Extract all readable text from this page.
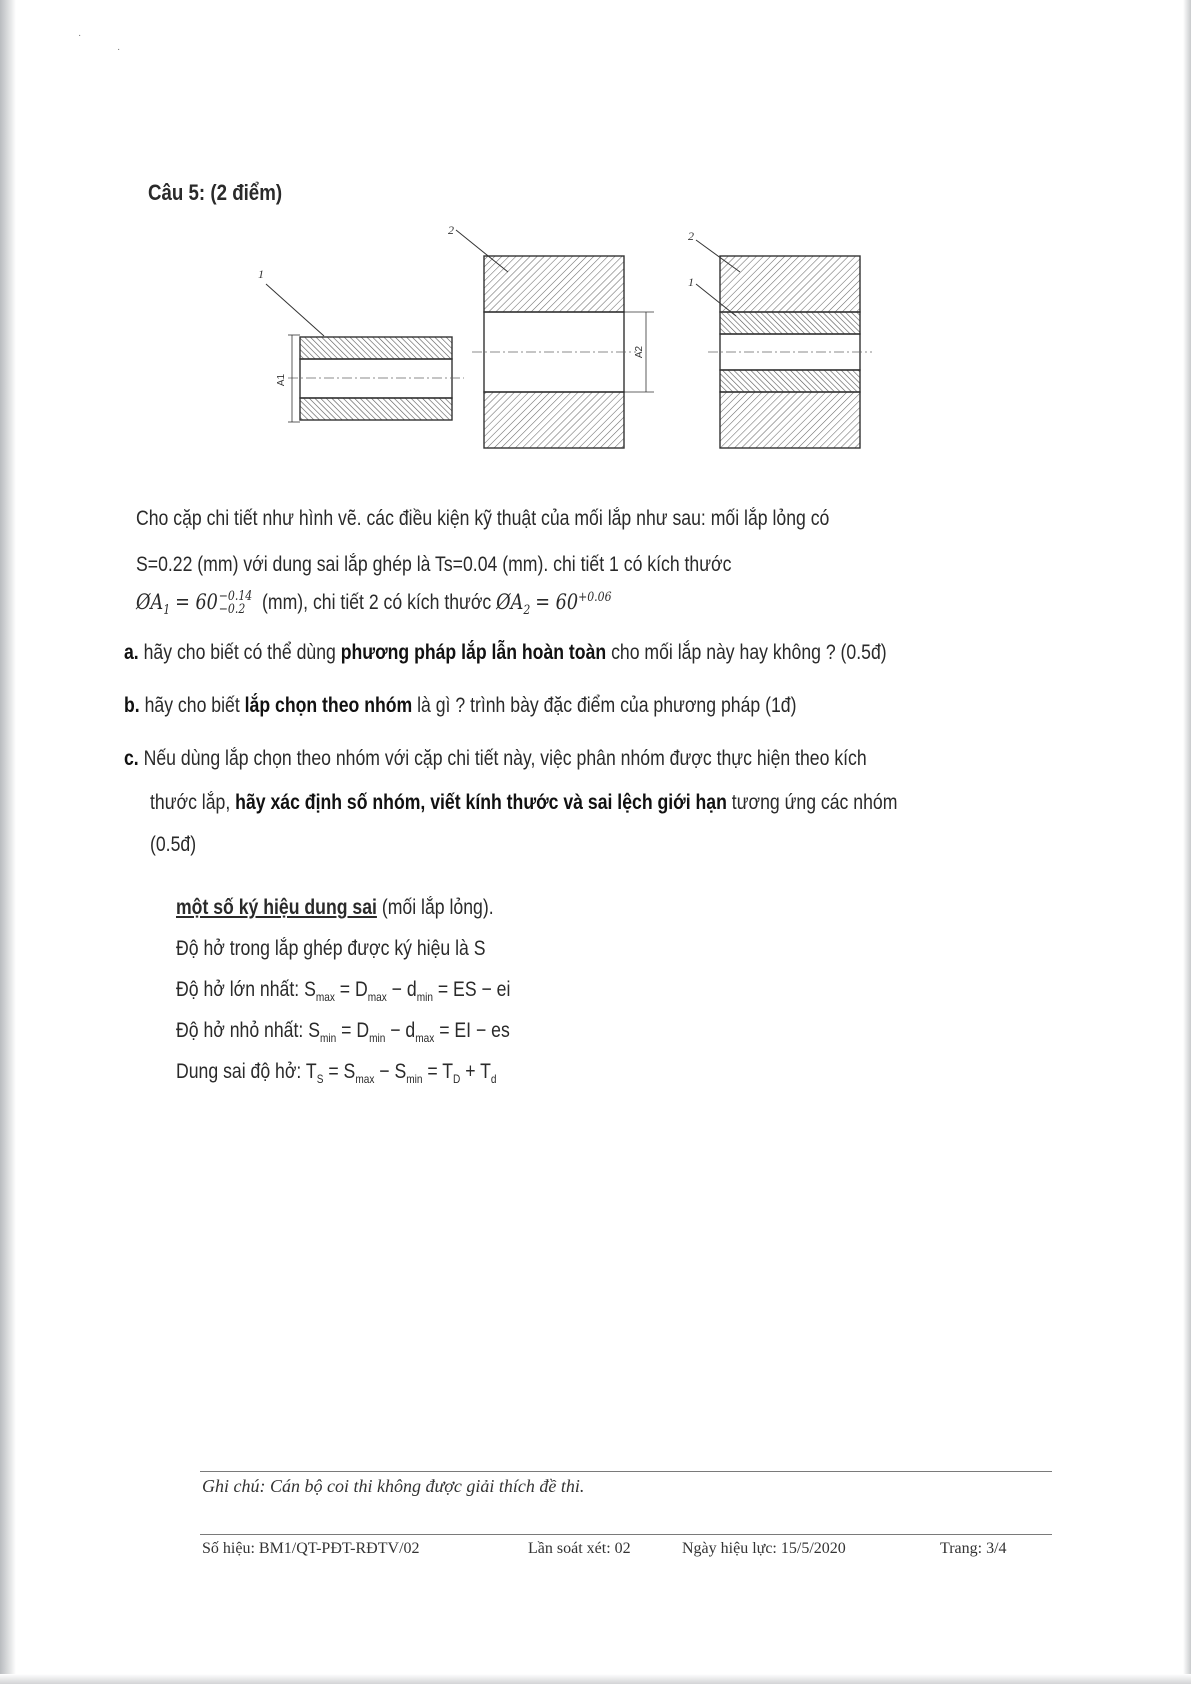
·
·
Câu 5: (2 điểm)
A1
1
A2
2	2
1
Cho cặp chi tiết như hình vẽ. các điều kiện kỹ thuật của mối lắp như sau: mối lắp lỏng có
S=0.22 (mm) với dung sai lắp ghép là Ts=0.04 (mm). chi tiết 1 có kích thước
$ØA_1 = 60 -0.14$
−0.2 (mm), chi tiết 2 có kích thước $ØA_2 = 60^{+0.06}$
a. hãy cho biết có thể dùng phương pháp lắp lẫn hoàn toàn cho mối lắp này hay không ? (0.5đ)
b. hãy cho biết lắp chọn theo nhóm là gì ? trình bày đặc điểm của phương pháp (1đ)
c. Nếu dùng lắp chọn theo nhóm với cặp chi tiết này, việc phân nhóm được thực hiện theo kích
thước lắp, hãy xác định số nhóm, viết kính thước và sai lệch giới hạn tương ứng các nhóm
(0.5đ)
một số ký hiệu dung sai (mối lắp lỏng).
Độ hở trong lắp ghép được ký hiệu là S
Độ hở lớn nhất: $S_{max} = D_{max} - d_{min}$ = ES − ei
Độ hở nhỏ nhất: $S_{min} = D_{min} - d_{max}$ = EI − es
Dung sai độ hở: $T_S = S_{max} - S_{min} = T_D + T_d$
Ghi chú: Cán bộ coi thi không được giải thích đề thi.
Số hiệu: BM1/QT-PĐT-RĐTV/02	Lần soát xét: 02	Ngày hiệu lực: 15/5/2020	Trang: 3/4
